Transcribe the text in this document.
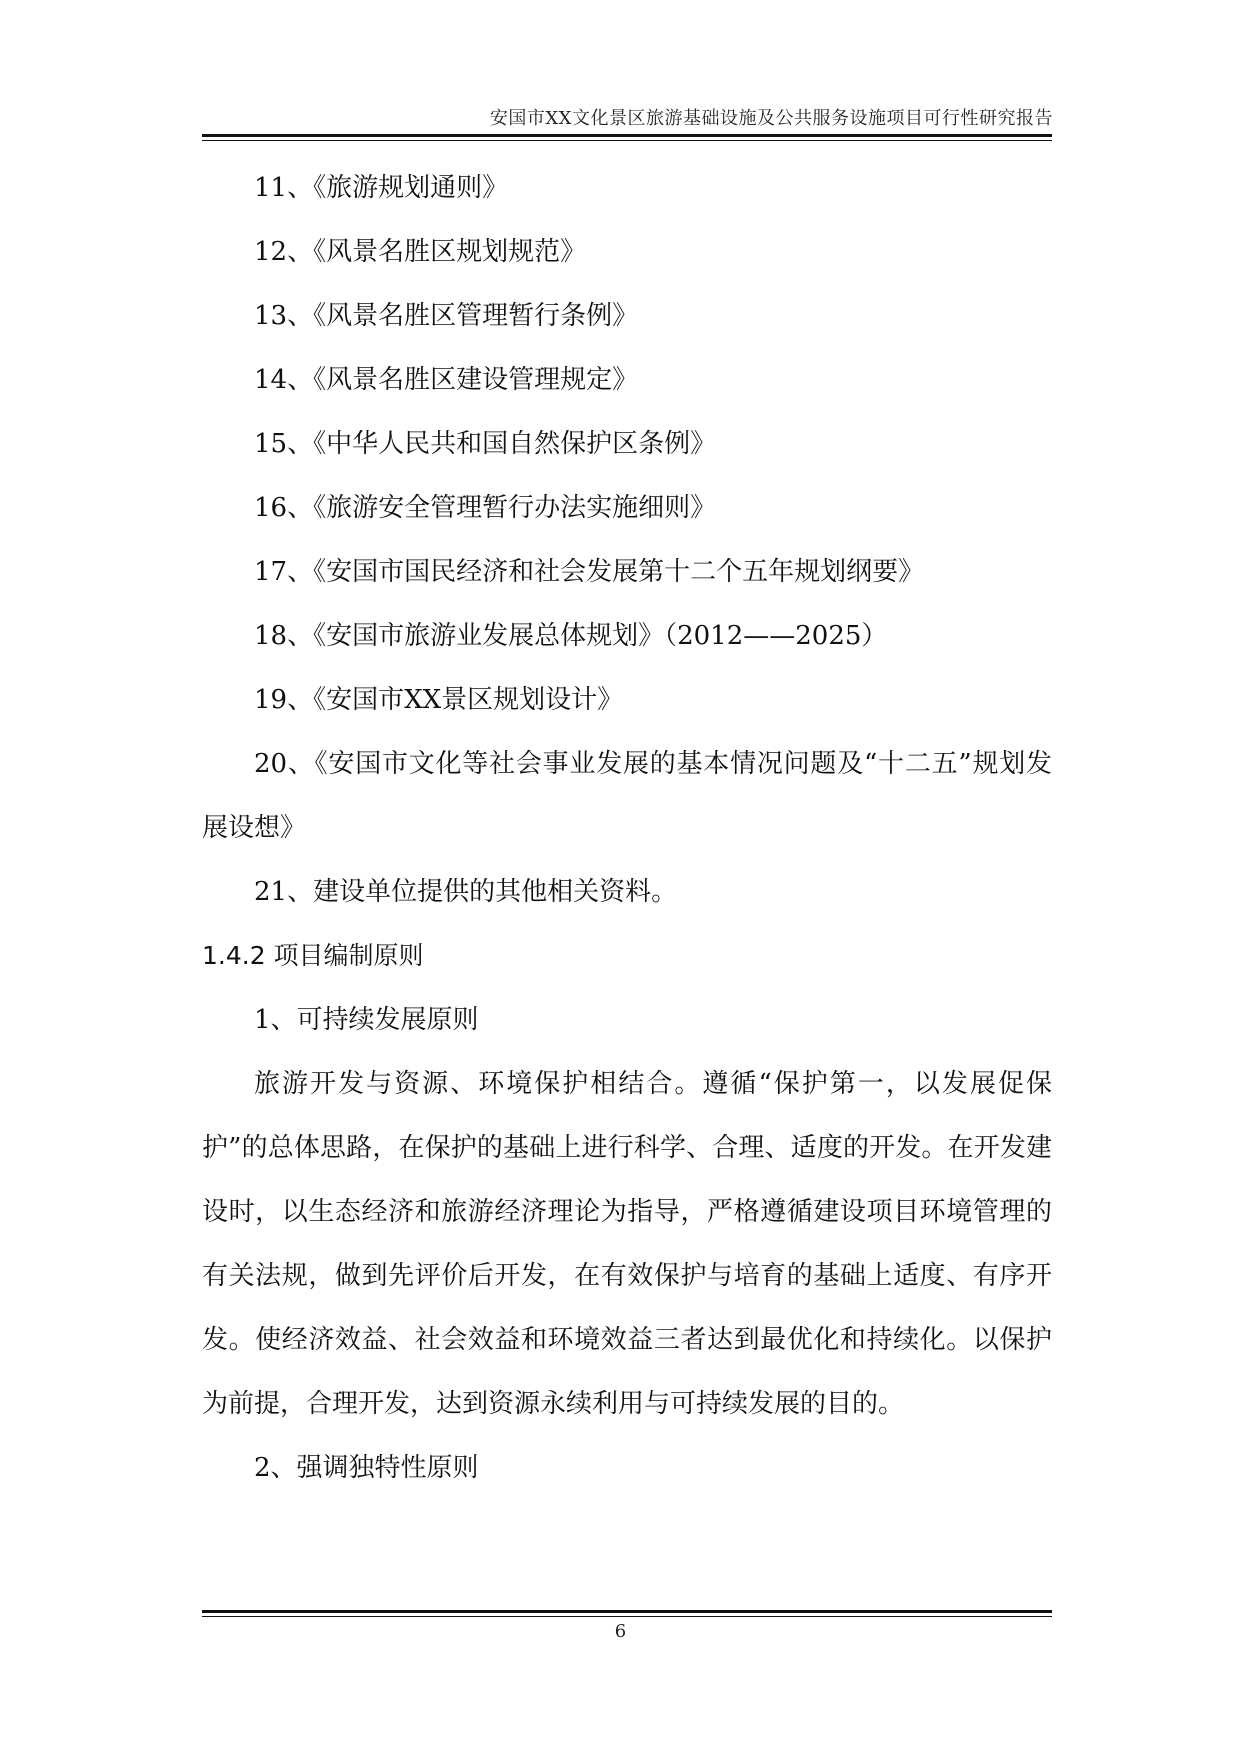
安国市XX文化景区旅游基础设施及公共服务设施项目可行性研究报告

11、《旅游规划通则》

12、《风景名胜区规划规范》

13、《风景名胜区管理暂行条例》

14、《风景名胜区建设管理规定》

15、《中华人民共和国自然保护区条例》

16、《旅游安全管理暂行办法实施细则》

17、《安国市国民经济和社会发展第十二个五年规划纲要》

18、《安国市旅游业发展总体规划》（2012——2025）

19、《安国市XX景区规划设计》

20、《安国市文化等社会事业发展的基本情况问题及“十二五”规划发展设想》

21、建设单位提供的其他相关资料。

1.4.2 项目编制原则

1、可持续发展原则

旅游开发与资源、环境保护相结合。遵循“保护第一，以发展促保护”的总体思路，在保护的基础上进行科学、合理、适度的开发。在开发建设时，以生态经济和旅游经济理论为指导，严格遵循建设项目环境管理的有关法规，做到先评价后开发，在有效保护与培育的基础上适度、有序开发。使经济效益、社会效益和环境效益三者达到最优化和持续化。以保护为前提，合理开发，达到资源永续利用与可持续发展的目的。

2、强调独特性原则

6
